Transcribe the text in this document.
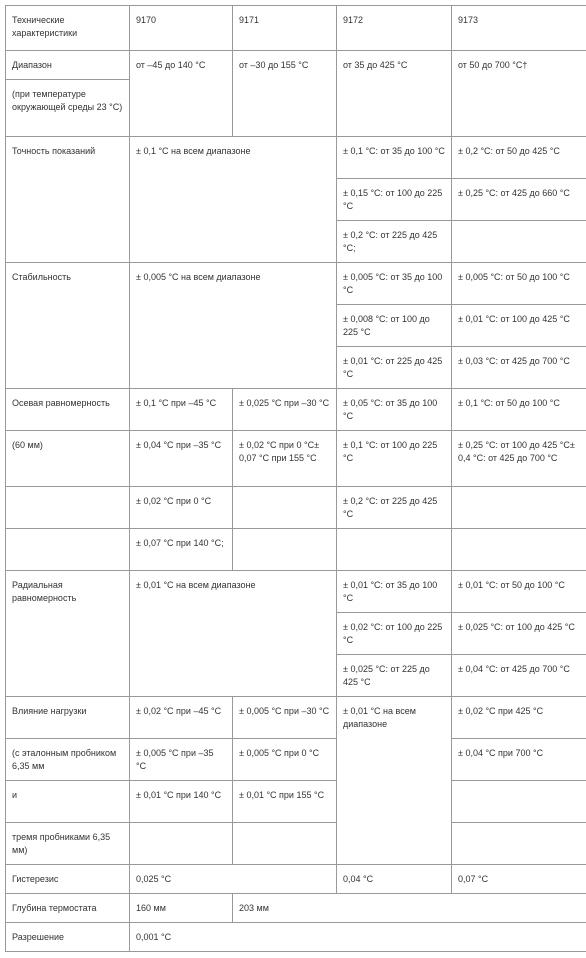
Технические характеристики	9170	9171	9172	9173
Диапазон	от –45 до 140 °C	от –30 до 155 °C	от 35 до 425 °C	от 50 до 700 °C†
(при температуре окружающей среды 23 °C)				
Точность показаний	± 0,1 °C на всем диапазоне		± 0,1 °C: от 35 до 100 °C	± 0,2 °C: от 50 до 425 °C
			± 0,15 °C: от 100 до 225 °C	± 0,25 °C: от 425 до 660 °C
			± 0,2 °C: от 225 до 425 °C;	
Стабильность	± 0,005 °C на всем диапазоне		± 0,005 °C: от 35 до 100 °C	± 0,005 °C: от 50 до 100 °C
			± 0,008 °C: от 100 до 225 °C	± 0,01 °C: от 100 до 425 °C
			± 0,01 °C: от 225 до 425 °C	± 0,03 °C: от 425 до 700 °C
Осевая равномерность	± 0,1 °C при –45 °C	± 0,025 °C при –30 °C	± 0,05 °C: от 35 до 100 °C	± 0,1 °C: от 50 до 100 °C
(60 мм)	± 0,04 °C при –35 °C	± 0,02 °C при 0 °C± 0,07 °C при 155 °C	± 0,1 °C: от 100 до 225 °C	± 0,25 °C: от 100 до 425 °C± 0,4 °C: от 425 до 700 °C
	± 0,02 °C при 0 °C		± 0,2 °C: от 225 до 425 °C	
	± 0,07 °C при 140 °C;			
Радиальная равномерность	± 0,01 °C на всем диапазоне		± 0,01 °C: от 35 до 100 °C	± 0,01 °C: от 50 до 100 °C
			± 0,02 °C: от 100 до 225 °C	± 0,025 °C: от 100 до 425 °C
			± 0,025 °C: от 225 до 425 °C	± 0,04 °C: от 425 до 700 °C
Влияние нагрузки	± 0,02 °C при –45 °C	± 0,005 °C при –30 °C	± 0,01 °C на всем диапазоне	± 0,02 °C при 425 °C
(с эталонным пробником 6,35 мм	± 0,005 °C при –35 °C	± 0,005 °C при 0 °C		± 0,04 °C при 700 °C
и	± 0,01 °C при 140 °C	± 0,01 °C при 155 °C		
тремя пробниками 6,35 мм)				
Гистерезис	0,025 °C		0,04 °C	0,07 °C
Глубина термостата	160 мм	203 мм		
Разрешение	0,001 °C			
